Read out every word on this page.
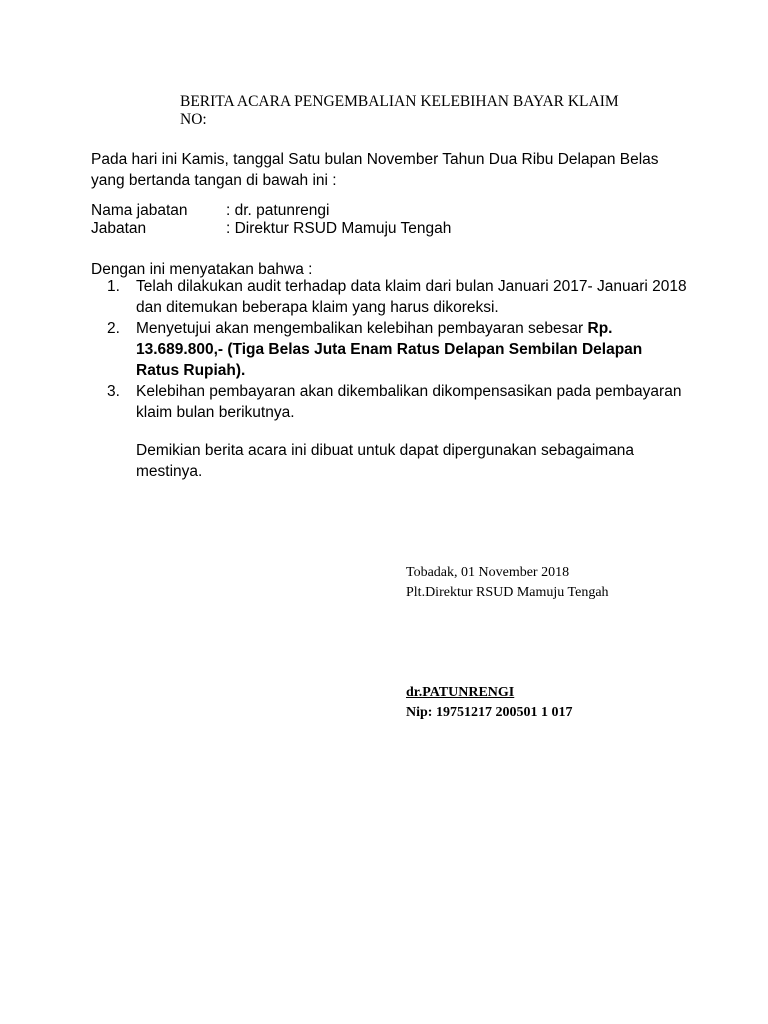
BERITA ACARA PENGEMBALIAN KELEBIHAN BAYAR KLAIM
NO:
Pada hari ini Kamis, tanggal Satu bulan November Tahun Dua Ribu Delapan Belas
yang bertanda tangan di bawah ini :
Nama jabatan	: dr. patunrengi
Jabatan	: Direktur RSUD Mamuju Tengah
Dengan ini menyatakan bahwa :
1.	Telah dilakukan audit terhadap data klaim dari bulan Januari 2017- Januari 2018
dan ditemukan beberapa klaim yang harus dikoreksi.
2.	Menyetujui akan mengembalikan kelebihan pembayaran sebesar Rp.
13.689.800,- (Tiga Belas Juta Enam Ratus Delapan Sembilan Delapan
Ratus Rupiah).
3.	Kelebihan pembayaran akan dikembalikan dikompensasikan pada pembayaran
klaim bulan berikutnya.
Demikian berita acara ini dibuat untuk dapat dipergunakan sebagaimana
mestinya.
Tobadak, 01 November 2018
Plt.Direktur RSUD Mamuju Tengah
dr.PATUNRENGI
Nip: 19751217 200501 1 017
